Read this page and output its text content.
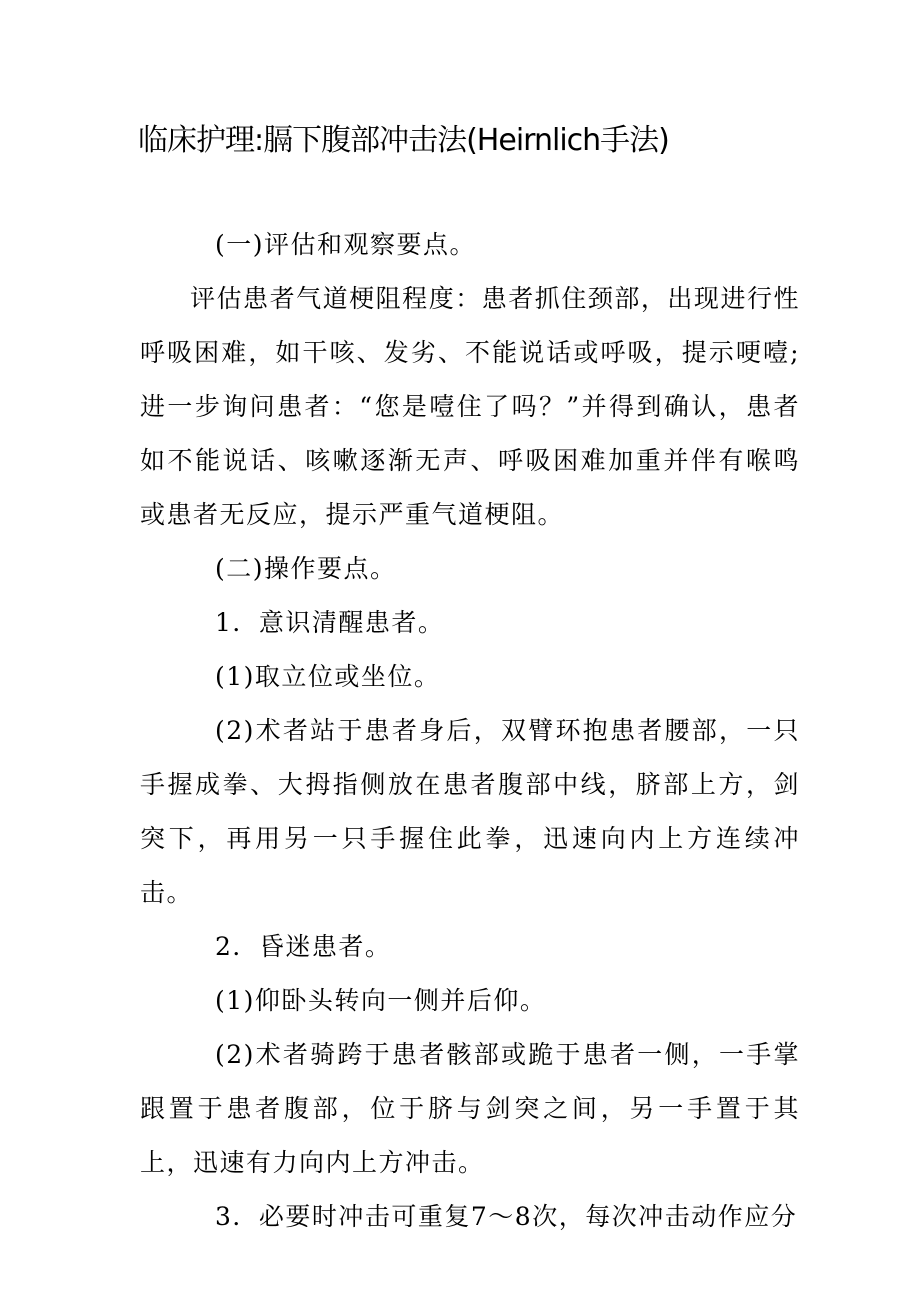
临床护理:膈下腹部冲击法(Heirnlich手法)

(一)评估和观察要点。

评估患者气道梗阻程度：患者抓住颈部，出现进行性呼吸困难，如干咳、发劣、不能说话或呼吸，提示哽噎;进一步询问患者：“您是噎住了吗？”并得到确认，患者如不能说话、咳嗽逐渐无声、呼吸困难加重并伴有喉鸣或患者无反应，提示严重气道梗阻。

(二)操作要点。

1．意识清醒患者。

(1)取立位或坐位。

(2)术者站于患者身后，双臂环抱患者腰部，一只手握成拳、大拇指侧放在患者腹部中线，脐部上方，剑突下，再用另一只手握住此拳，迅速向内上方连续冲击。

2．昏迷患者。

(1)仰卧头转向一侧并后仰。

(2)术者骑跨于患者骸部或跪于患者一侧，一手掌跟置于患者腹部，位于脐与剑突之间，另一手置于其上，迅速有力向内上方冲击。

3．必要时冲击可重复7～8次，每次冲击动作应分
